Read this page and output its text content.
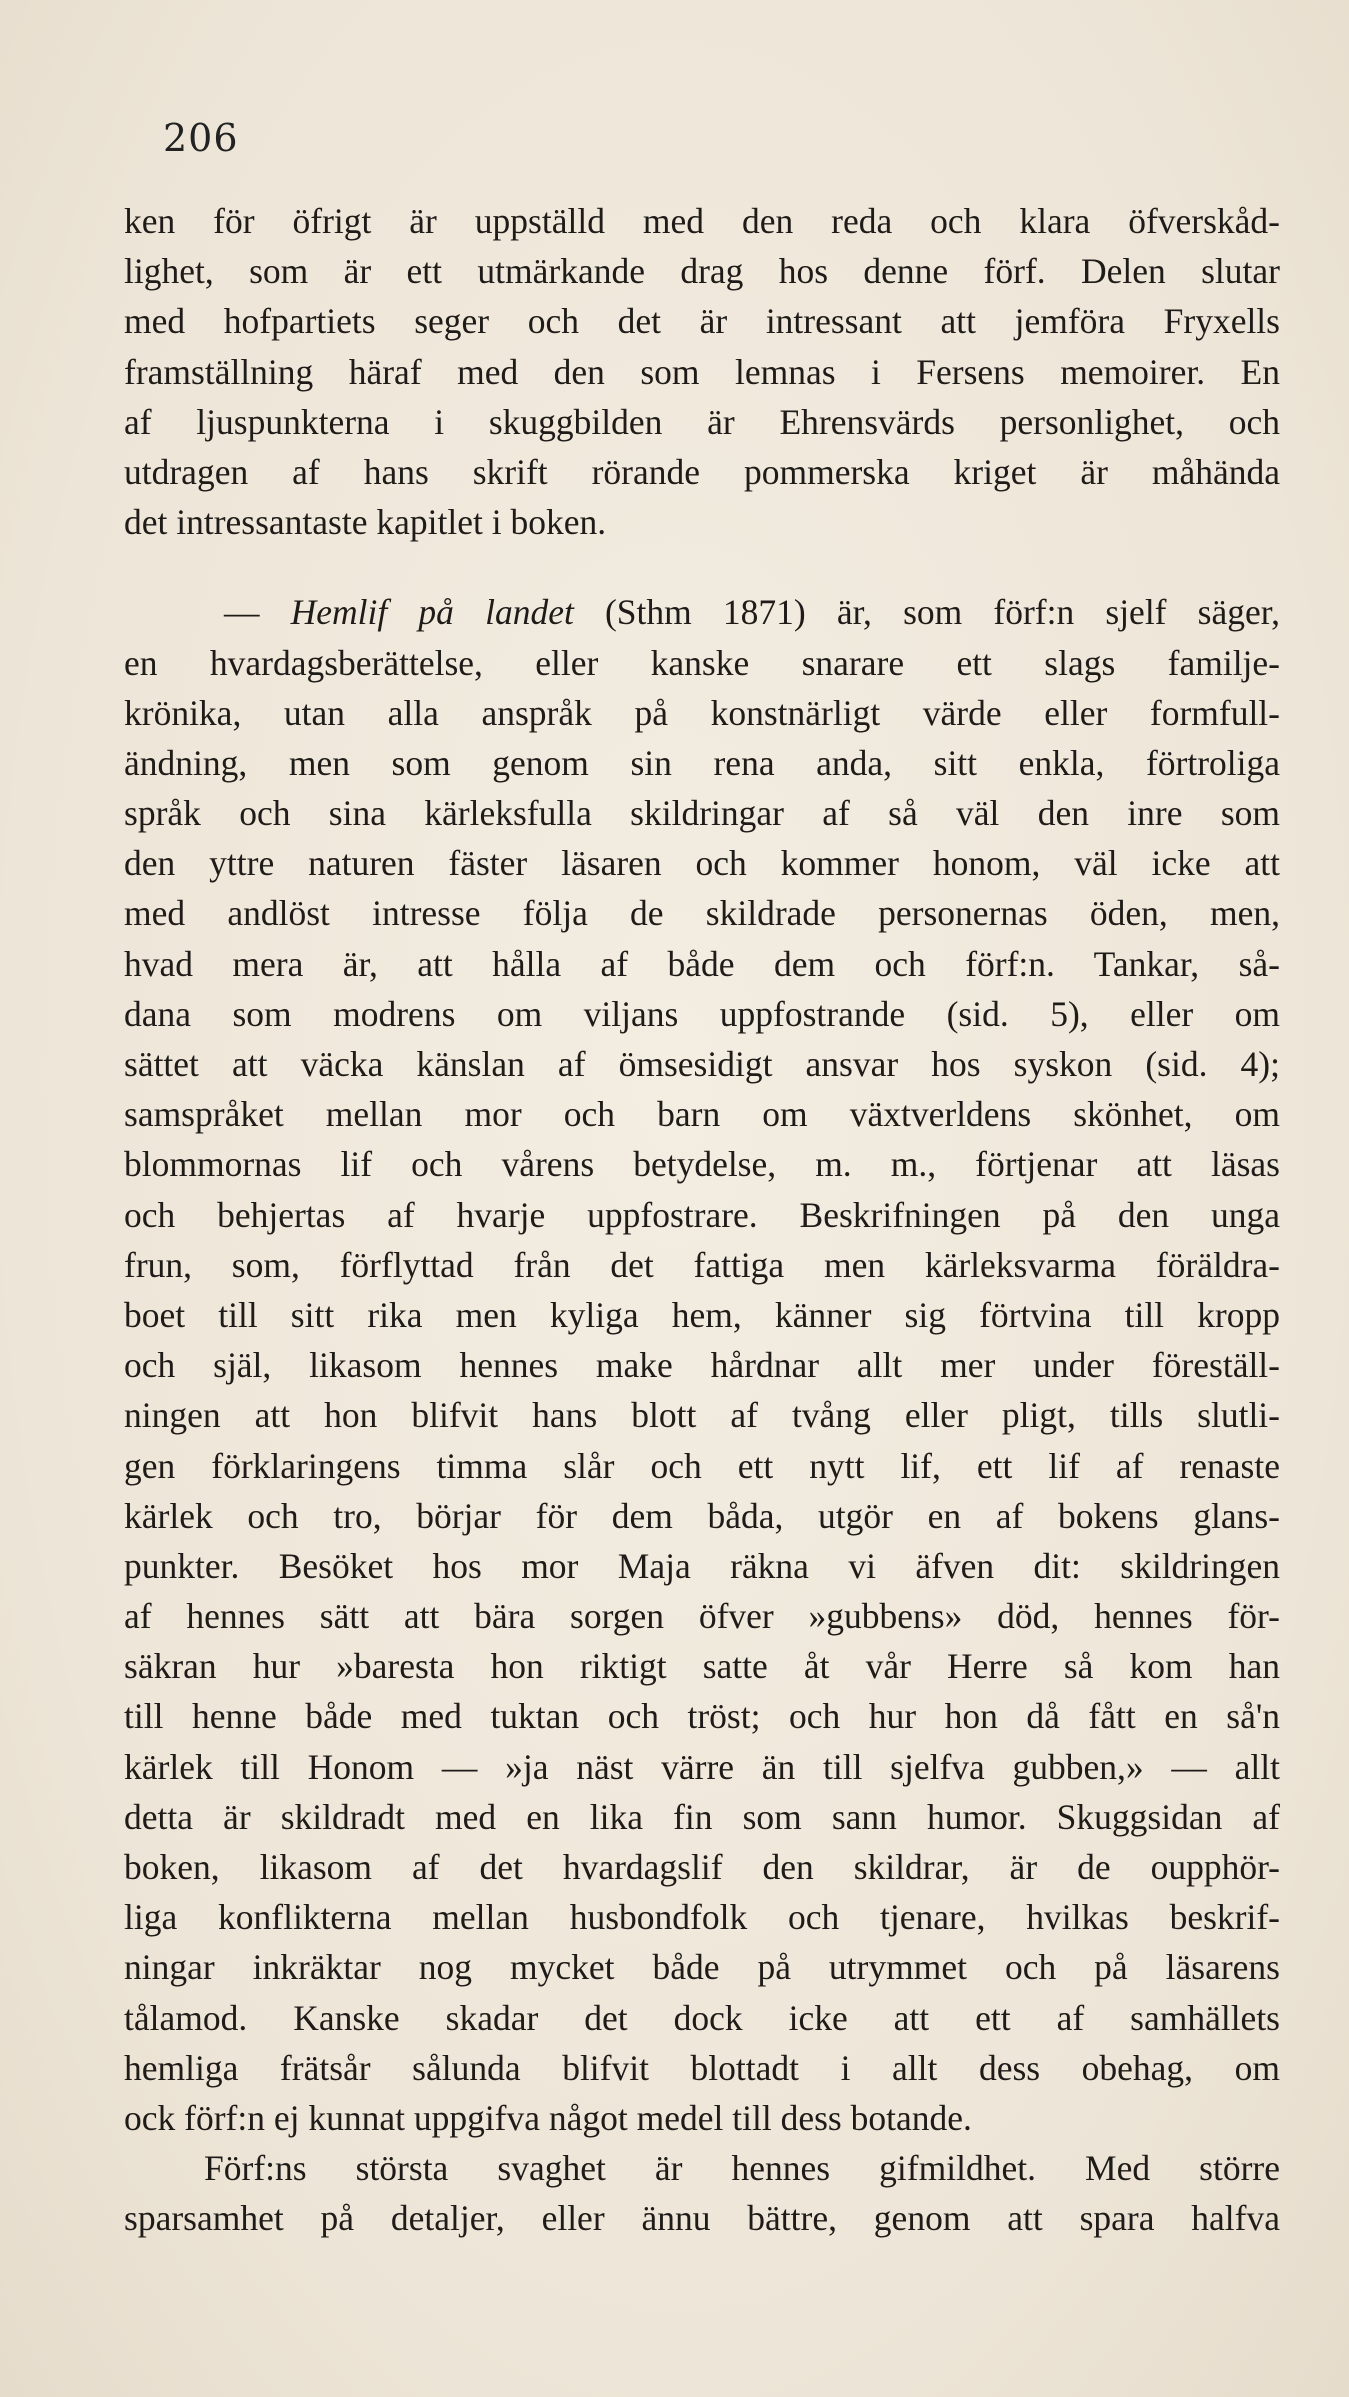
206
ken för öfrigt är uppställd med den reda och klara öfverskåd-
lighet, som är ett utmärkande drag hos denne förf. Delen slutar
med hofpartiets seger och det är intressant att jemföra Fryxells
framställning häraf med den som lemnas i Fersens memoirer. En
af ljuspunkterna i skuggbilden är Ehrensvärds personlighet, och
utdragen af hans skrift rörande pommerska kriget är måhända
det intressantaste kapitlet i boken.
— Hemlif på landet (Sthm 1871) är, som förf:n sjelf säger,
en hvardagsberättelse, eller kanske snarare ett slags familje-
krönika, utan alla anspråk på konstnärligt värde eller formfull-
ändning, men som genom sin rena anda, sitt enkla, förtroliga
språk och sina kärleksfulla skildringar af så väl den inre som
den yttre naturen fäster läsaren och kommer honom, väl icke att
med andlöst intresse följa de skildrade personernas öden, men,
hvad mera är, att hålla af både dem och förf:n. Tankar, så-
dana som modrens om viljans uppfostrande (sid. 5), eller om
sättet att väcka känslan af ömsesidigt ansvar hos syskon (sid. 4);
samspråket mellan mor och barn om växtverldens skönhet, om
blommornas lif och vårens betydelse, m. m., förtjenar att läsas
och behjertas af hvarje uppfostrare. Beskrifningen på den unga
frun, som, förflyttad från det fattiga men kärleksvarma föräldra-
boet till sitt rika men kyliga hem, känner sig förtvina till kropp
och själ, likasom hennes make hårdnar allt mer under föreställ-
ningen att hon blifvit hans blott af tvång eller pligt, tills slutli-
gen förklaringens timma slår och ett nytt lif, ett lif af renaste
kärlek och tro, börjar för dem båda, utgör en af bokens glans-
punkter. Besöket hos mor Maja räkna vi äfven dit: skildringen
af hennes sätt att bära sorgen öfver »gubbens» död, hennes för-
säkran hur »baresta hon riktigt satte åt vår Herre så kom han
till henne både med tuktan och tröst; och hur hon då fått en så'n
kärlek till Honom — »ja näst värre än till sjelfva gubben,» — allt
detta är skildradt med en lika fin som sann humor. Skuggsidan af
boken, likasom af det hvardagslif den skildrar, är de oupphör-
liga konflikterna mellan husbondfolk och tjenare, hvilkas beskrif-
ningar inkräktar nog mycket både på utrymmet och på läsarens
tålamod. Kanske skadar det dock icke att ett af samhällets
hemliga frätsår sålunda blifvit blottadt i allt dess obehag, om
ock förf:n ej kunnat uppgifva något medel till dess botande.
Förf:ns största svaghet är hennes gifmildhet. Med större
sparsamhet på detaljer, eller ännu bättre, genom att spara halfva
